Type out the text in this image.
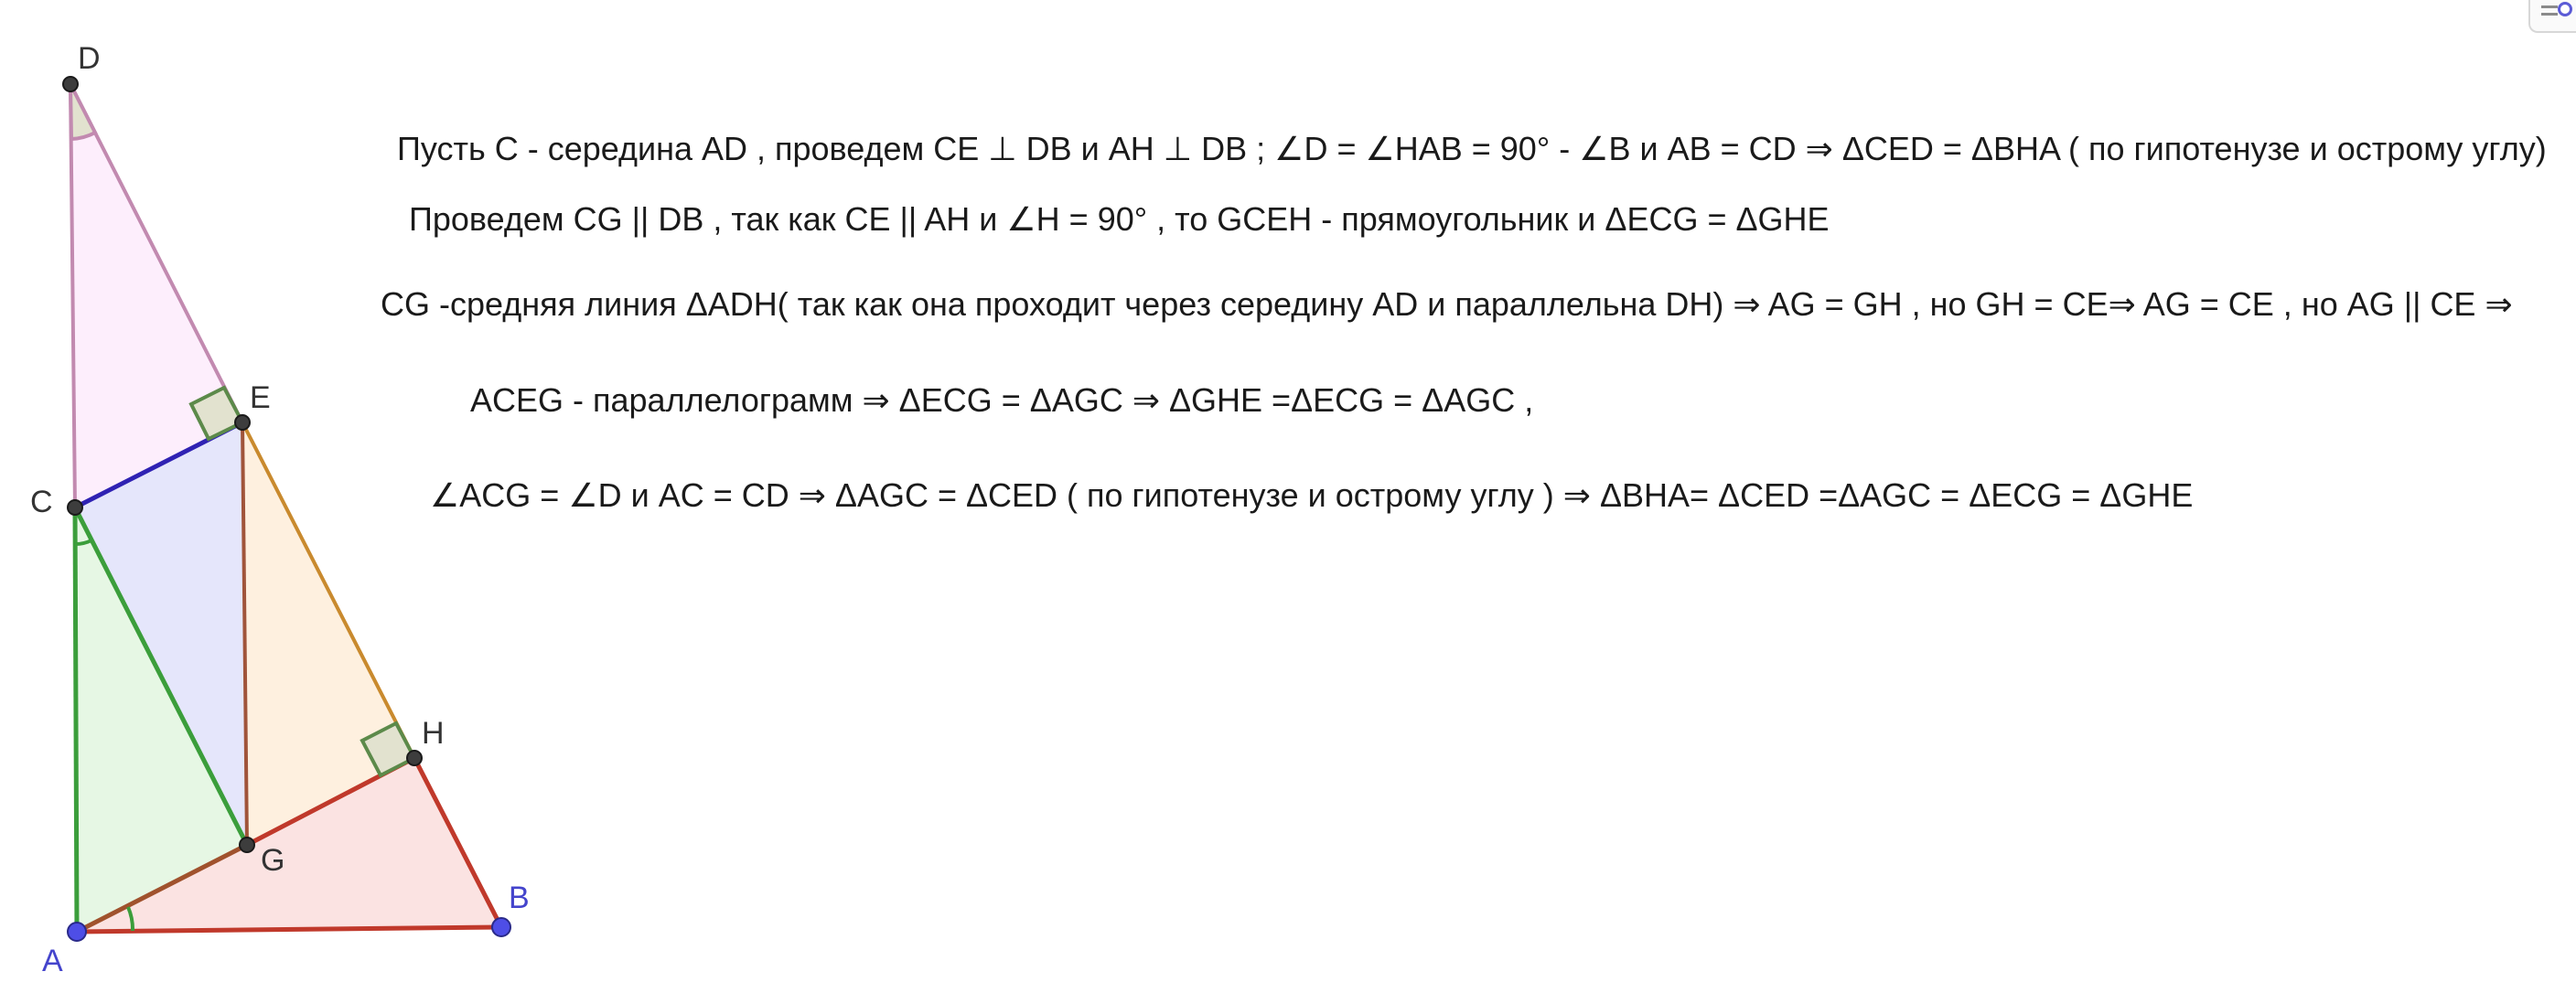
D
E
C
H
G
A
B
Пусть С - середина AD , проведем CE ⊥ DB и AH ⊥ DB ; ∠D = ∠HAB = 90° - ∠B и AB = CD ⇒ ΔCED = ΔBHA ( по гипотенузе и острому углу)
Проведем CG || DB , так как CE || AH и ∠H = 90° , то GCEH - прямоугольник и ΔECG = ΔGHE
CG -средняя линия ΔADH( так как она проходит через середину AD и параллельна DH) ⇒ AG = GH , но GH = CE⇒ AG = CE , но AG || CE ⇒
ACEG - параллелограмм ⇒ ΔECG = ΔAGC ⇒ ΔGHE =ΔECG = ΔAGC ,
∠ACG = ∠D и AC = CD ⇒ ΔAGC = ΔCED ( по гипотенузе и острому углу ) ⇒ ΔBHA= ΔCED =ΔAGC = ΔECG = ΔGHE
